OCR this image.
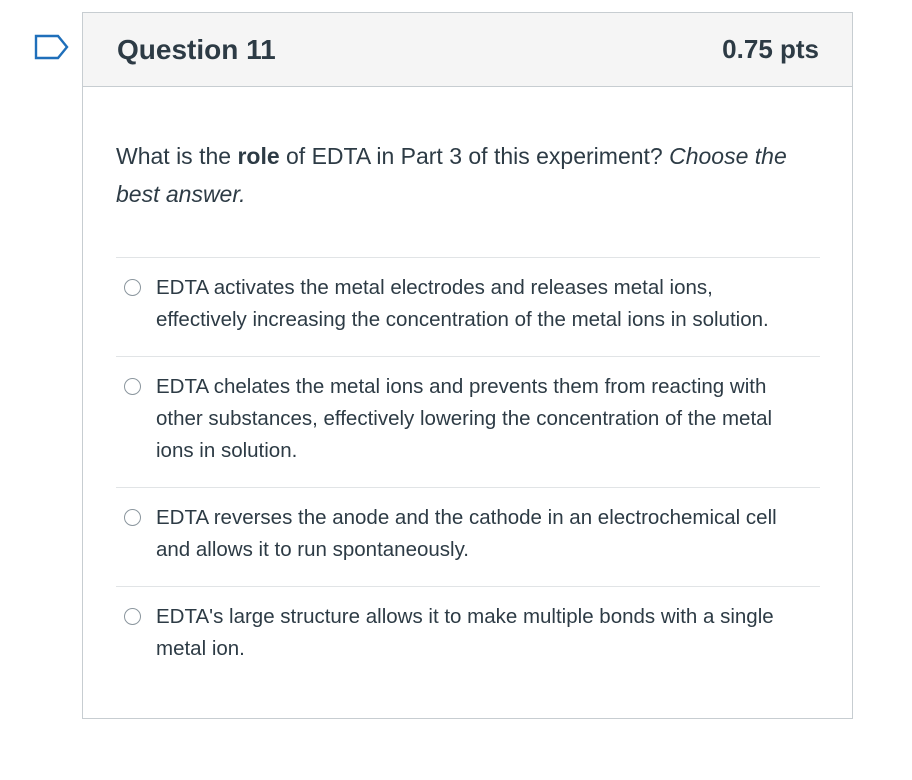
Question 11	0.75 pts

What is the role of EDTA in Part 3 of this experiment? Choose the best answer.

EDTA activates the metal electrodes and releases metal ions, effectively increasing the concentration of the metal ions in solution.
EDTA chelates the metal ions and prevents them from reacting with other substances, effectively lowering the concentration of the metal ions in solution.
EDTA reverses the anode and the cathode in an electrochemical cell and allows it to run spontaneously.
EDTA's large structure allows it to make multiple bonds with a single metal ion.
